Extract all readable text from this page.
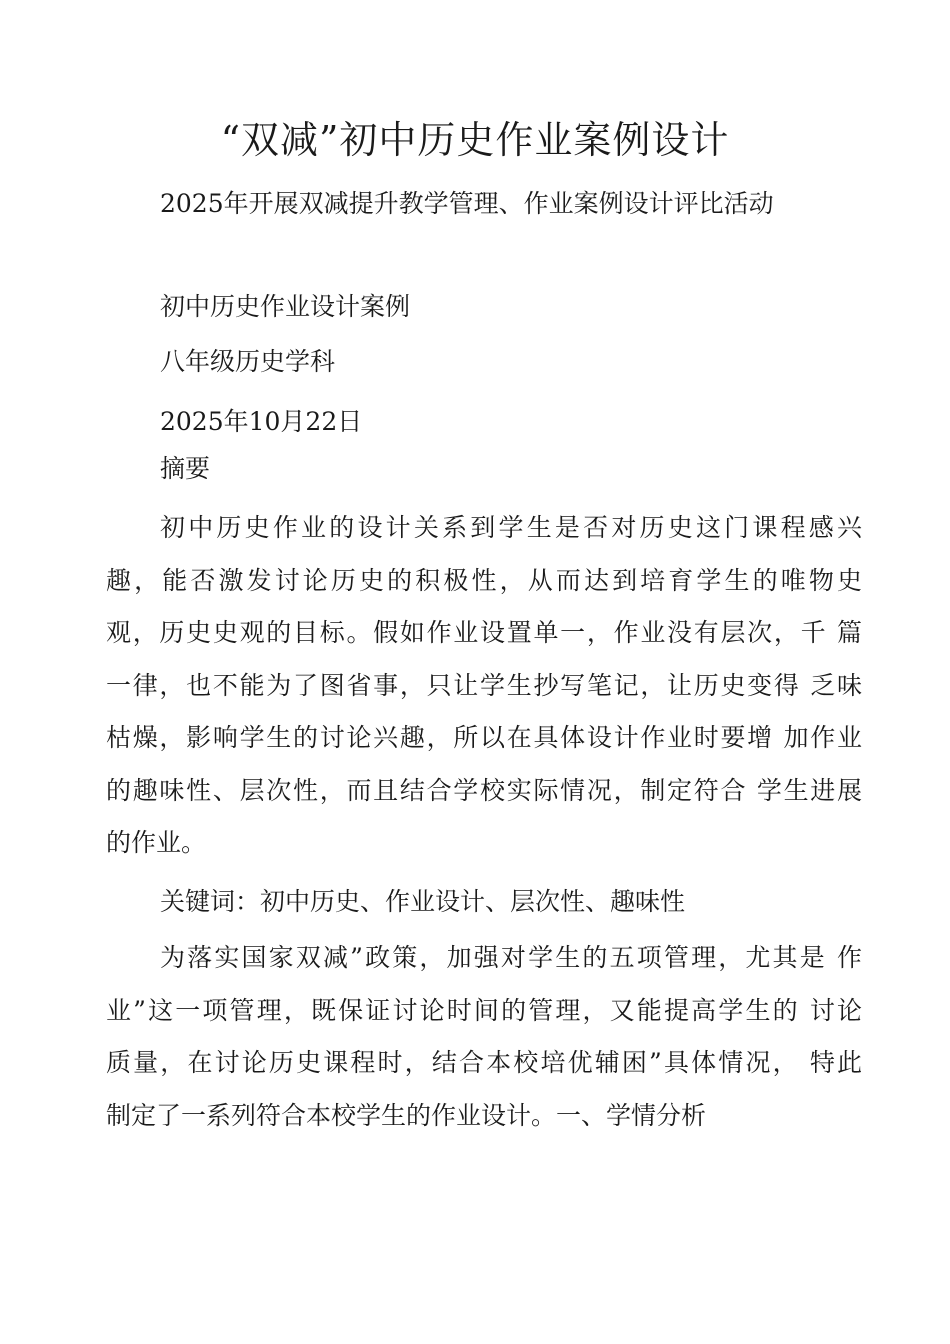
“双减”初中历史作业案例设计
2025年开展双减提升教学管理、作业案例设计评比活动
初中历史作业设计案例
八年级历史学科
2025年10月22日
摘要
初中历史作业的设计关系到学生是否对历史这门课程感兴
趣，能否激发讨论历史的积极性，从而达到培育学生的唯物史
观，历史史观的目标。假如作业设置单一，作业没有层次，千 篇
一律，也不能为了图省事，只让学生抄写笔记，让历史变得 乏味
枯燥，影响学生的讨论兴趣，所以在具体设计作业时要增 加作业
的趣味性、层次性，而且结合学校实际情况，制定符合 学生进展
的作业。
关键词：初中历史、作业设计、层次性、趣味性
为落实国家双减”政策，加强对学生的五项管理，尤其是 作
业”这一项管理，既保证讨论时间的管理，又能提高学生的 讨论
质量，在讨论历史课程时，结合本校培优辅困”具体情况， 特此
制定了一系列符合本校学生的作业设计。一、学情分析
